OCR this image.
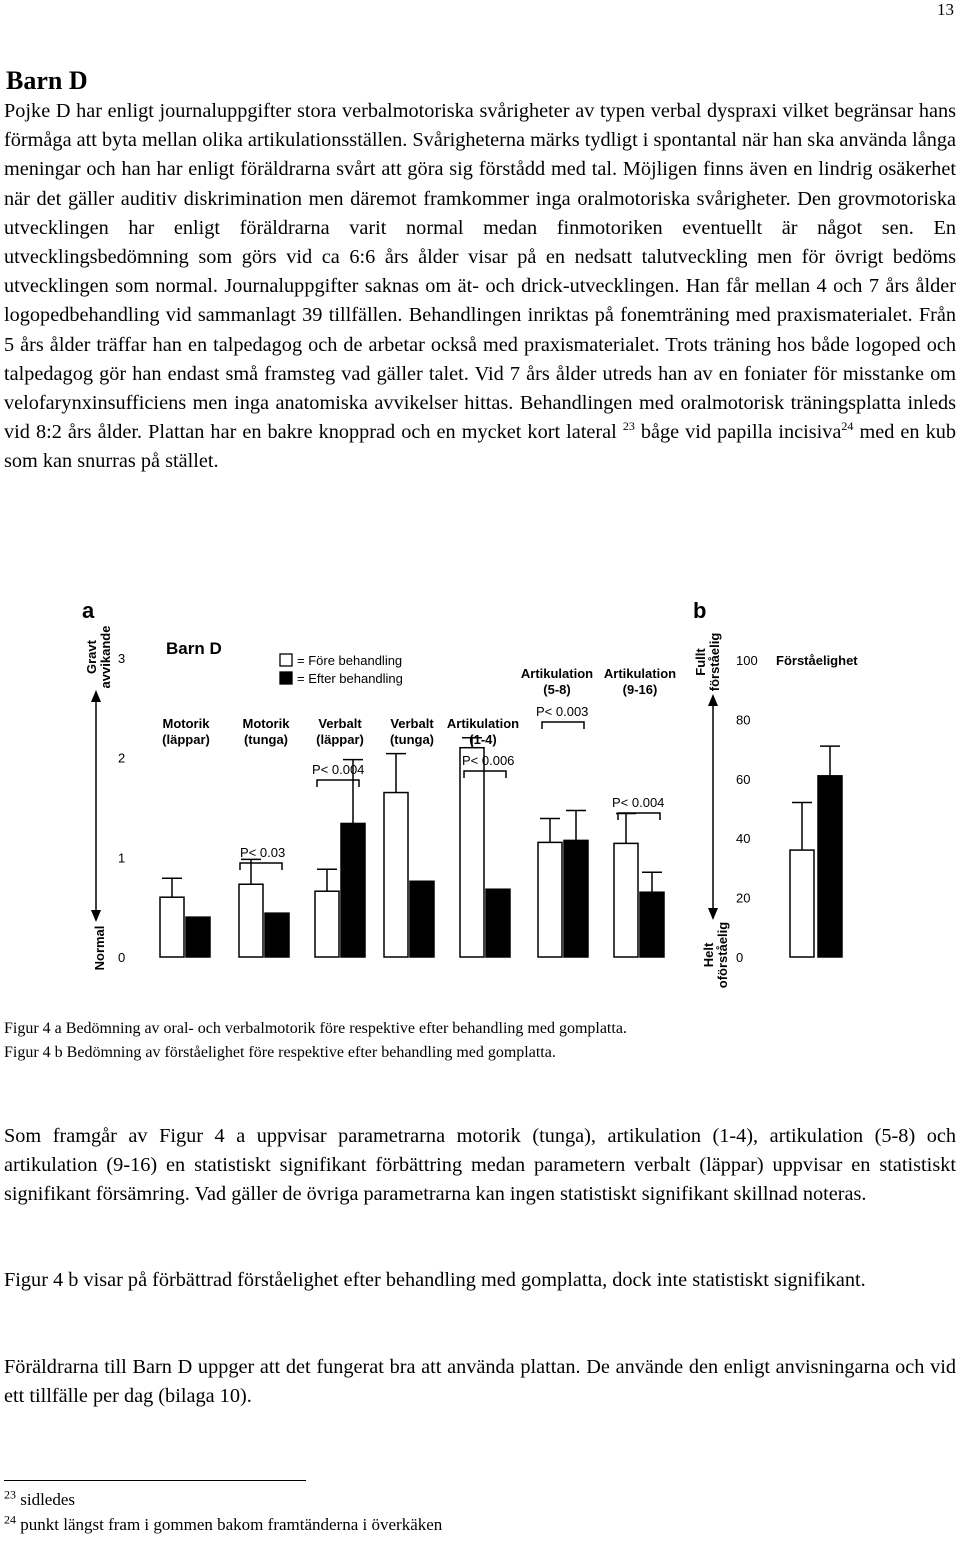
13
Barn D

Pojke D har enligt journaluppgifter stora verbalmotoriska svårigheter av typen verbal dyspraxi vilket begränsar hans förmåga att byta mellan olika artikulationsställen. Svårigheterna märks tydligt i spontantal när han ska använda långa meningar och han har enligt föräldrarna svårt att göra sig förstådd med tal. Möjligen finns även en lindrig osäkerhet när det gäller auditiv diskrimination men däremot framkommer inga oralmotoriska svårigheter. Den grovmotoriska utvecklingen har enligt föräldrarna varit normal medan finmotoriken eventuellt är något sen. En utvecklingsbedömning som görs vid ca 6:6 års ålder visar på en nedsatt talutveckling men för övrigt bedöms utvecklingen som normal. Journaluppgifter saknas om ät- och drick-utvecklingen. Han får mellan 4 och 7 års ålder logopedbehandling vid sammanlagt 39 tillfällen. Behandlingen inriktas på fonemträning med praxismaterialet. Från 5 års ålder träffar han en talpedagog och de arbetar också med praxismaterialet. Trots träning hos både logoped och talpedagog gör han endast små framsteg vad gäller talet. Vid 7 års ålder utreds han av en foniater för misstanke om velofarynxinsufficiens men inga anatomiska avvikelser hittas. Behandlingen med oralmotorisk träningsplatta inleds vid 8:2 års ålder. Plattan har en bakre knopprad och en mycket kort lateral $^{23}$ båge vid papilla incisiva$^{24}$ med en kub som kan snurras på stället.

a
Gravt avvikande
Normal
3
2
1
0
Barn D
= Före behandling
= Efter behandling
Motorik
(läppar)
Motorik
(tunga)
Verbalt
(läppar)
Verbalt
(tunga)
Artikulation
(1-4)
Artikulation
(5-8)
Artikulation
(9-16)
P< 0.03
P< 0.004
P< 0.006
P< 0.003
P< 0.004
b
Fullt förståelig
Helt oförståelig
100
80
60
40
20
0
Förståelighet
Figur 4 a Bedömning av oral- och verbalmotorik före respektive efter behandling med gomplatta.
Figur 4 b Bedömning av förståelighet före respektive efter behandling med gomplatta.

Som framgår av Figur 4 a uppvisar parametrarna motorik (tunga), artikulation (1-4), artikulation (5-8) och artikulation (9-16) en statistiskt signifikant förbättring medan parametern verbalt (läppar) uppvisar en statistiskt signifikant försämring. Vad gäller de övriga parametrarna kan ingen statistiskt signifikant skillnad noteras.

Figur 4 b visar på förbättrad förståelighet efter behandling med gomplatta, dock inte statistiskt signifikant.

Föräldrarna till Barn D uppger att det fungerat bra att använda plattan. De använde den enligt anvisningarna och vid ett tillfälle per dag (bilaga 10).

$^{23}$ sidledes
$^{24}$ punkt längst fram i gommen bakom framtänderna i överkäken
